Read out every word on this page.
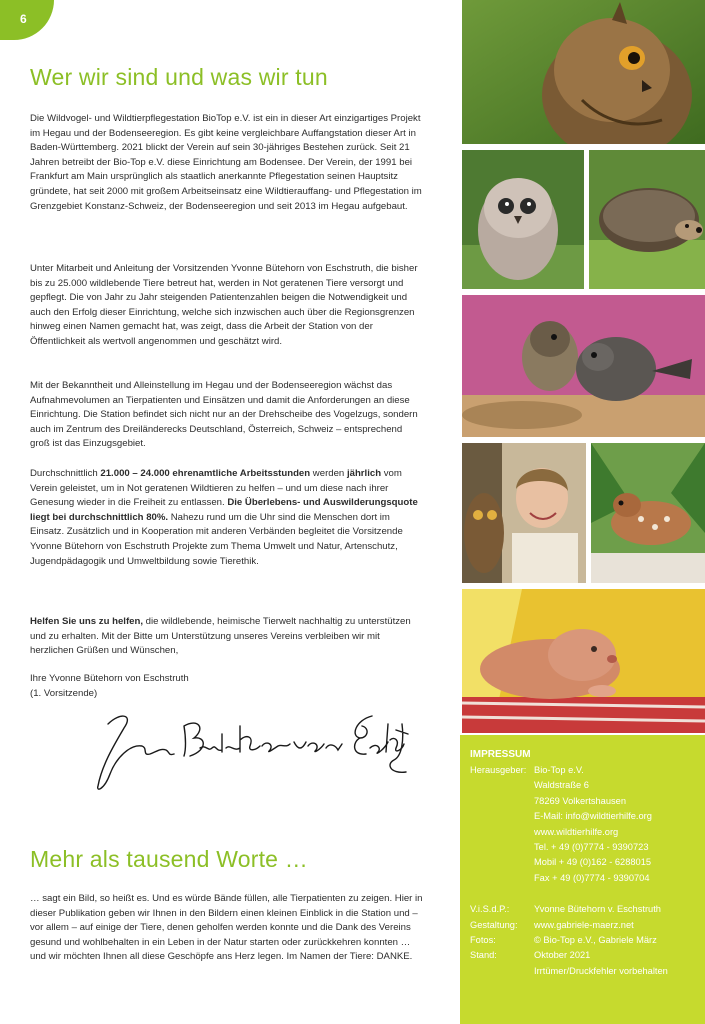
6
Wer wir sind und was wir tun

Die Wildvogel- und Wildtierpflegestation BioTop e.V. ist ein in dieser Art einzigartiges Projekt im Hegau und der Bodenseeregion. Es gibt keine vergleichbare Auffangstation dieser Art in Baden-Württemberg. 2021 blickt der Verein auf sein 30-jähriges Bestehen zurück. Seit 21 Jahren betreibt der Bio-Top e.V. diese Einrichtung am Bodensee. Der Verein, der 1991 bei Frankfurt am Main ursprünglich als staatlich anerkannte Pflegestation seinen Hauptsitz gründete, hat seit 2000 mit großem Arbeitseinsatz eine Wildtierauffang- und Pflegestation im Grenzgebiet Konstanz-Schweiz, der Bodenseeregion und seit 2013 im Hegau aufgebaut.

Unter Mitarbeit und Anleitung der Vorsitzenden Yvonne Bütehorn von Eschstruth, die bisher bis zu 25.000 wildlebende Tiere betreut hat, werden in Not geratenen Tiere versorgt und gepflegt. Die von Jahr zu Jahr steigenden Patientenzahlen beigen die Notwendigkeit und auch den Erfolg dieser Einrichtung, welche sich inzwischen auch über die Regionsgrenzen hinweg einen Namen gemacht hat, was zeigt, dass die Arbeit der Station von der Öffentlichkeit als wertvoll angenommen und geschätzt wird.

Mit der Bekanntheit und Alleinstellung im Hegau und der Bodenseeregion wächst das Aufnahmevolumen an Tierpatienten und Einsätzen und damit die Anforderungen an diese Einrichtung. Die Station befindet sich nicht nur an der Drehscheibe des Vogelzugs, sondern auch im Zentrum des Dreiländerecks Deutschland, Österreich, Schweiz – entsprechend groß ist das Einzugsgebiet.

Durchschnittlich 21.000 – 24.000 ehrenamtliche Arbeitsstunden werden jährlich vom Verein geleistet, um in Not geratenen Wildtieren zu helfen – und um diese nach ihrer Genesung wieder in die Freiheit zu entlassen. Die Überlebens- und Auswilderungsquote liegt bei durchschnittlich 80%. Nahezu rund um die Uhr sind die Menschen dort im Einsatz. Zusätzlich und in Kooperation mit anderen Verbänden begleitet die Vorsitzende Yvonne Bütehorn von Eschstruth Projekte zum Thema Umwelt und Natur, Artenschutz, Jugendpädagogik und Umweltbildung sowie Tierethik.

Helfen Sie uns zu helfen, die wildlebende, heimische Tierwelt nachhaltig zu unterstützen und zu erhalten. Mit der Bitte um Unterstützung unseres Vereins verbleiben wir mit herzlichen Grüßen und Wünschen,

Ihre Yvonne Bütehorn von Eschstruth
(1. Vorsitzende)

Mehr als tausend Worte …

… sagt ein Bild, so heißt es. Und es würde Bände füllen, alle Tierpatienten zu zeigen. Hier in dieser Publikation geben wir Ihnen in den Bildern einen kleinen Einblick in die Station und – vor allem – auf einige der Tiere, denen geholfen werden konnte und die Dank des Vereins gesund und wohlbehalten in ein Leben in der Natur starten oder zurückkehren konnten … und wir möchten Ihnen all diese Geschöpfe ans Herz legen. Im Namen der Tiere: DANKE.

IMPRESSUM
Herausgeber: Bio-Top e.V.
Waldstraße 6
78269 Volkertshausen
E-Mail: info@wildtierhilfe.org
www.wildtierhilfe.org
Tel. + 49 (0)7774 - 9390723
Mobil + 49 (0)162 - 6288015
Fax + 49 (0)7774 - 9390704
V.i.S.d.P.:	Yvonne Bütehorn v. Eschstruth
Gestaltung:	www.gabriele-maerz.net
Fotos:	© Bio-Top e.V., Gabriele März
Stand:	Oktober 2021
Irrtümer/Druckfehler vorbehalten
